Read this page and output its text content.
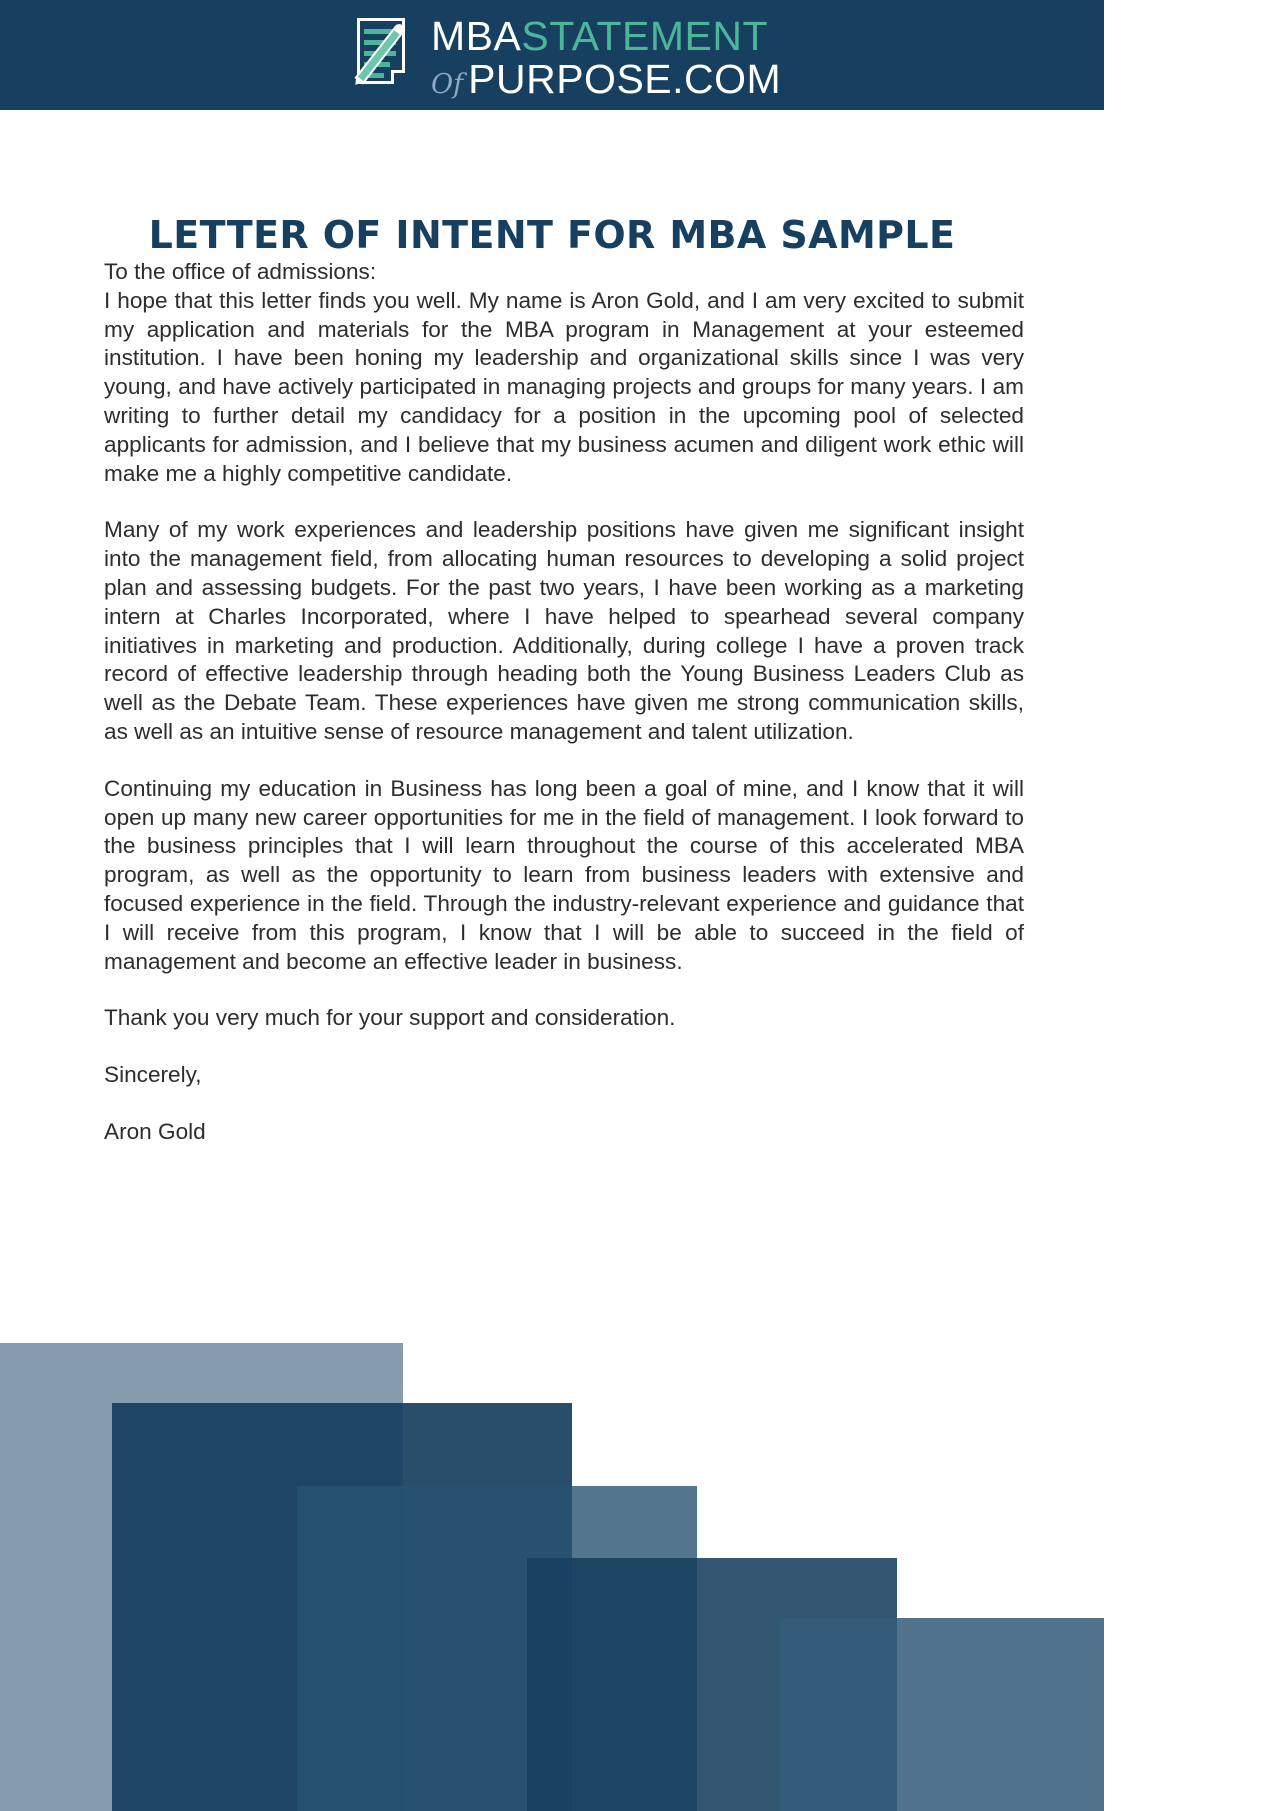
MBASTATEMENT
Of PURPOSE.COM
LETTER OF INTENT FOR MBA SAMPLE

To the office of admissions:

I hope that this letter finds you well. My name is Aron Gold, and I am very excited to submit my application and materials for the MBA program in Management at your esteemed institution. I have been honing my leadership and organizational skills since I was very young, and have actively participated in managing projects and groups for many years. I am writing to further detail my candidacy for a position in the upcoming pool of selected applicants for admission, and I believe that my business acumen and diligent work ethic will make me a highly competitive candidate.

Many of my work experiences and leadership positions have given me significant insight into the management field, from allocating human resources to developing a solid project plan and assessing budgets. For the past two years, I have been working as a marketing intern at Charles Incorporated, where I have helped to spearhead several company initiatives in marketing and production. Additionally, during college I have a proven track record of effective leadership through heading both the Young Business Leaders Club as well as the Debate Team. These experiences have given me strong communication skills, as well as an intuitive sense of resource management and talent utilization.

Continuing my education in Business has long been a goal of mine, and I know that it will open up many new career opportunities for me in the field of management. I look forward to the business principles that I will learn throughout the course of this accelerated MBA program, as well as the opportunity to learn from business leaders with extensive and focused experience in the field. Through the industry-relevant experience and guidance that I will receive from this program, I know that I will be able to succeed in the field of management and become an effective leader in business.

Thank you very much for your support and consideration.

Sincerely,

Aron Gold
